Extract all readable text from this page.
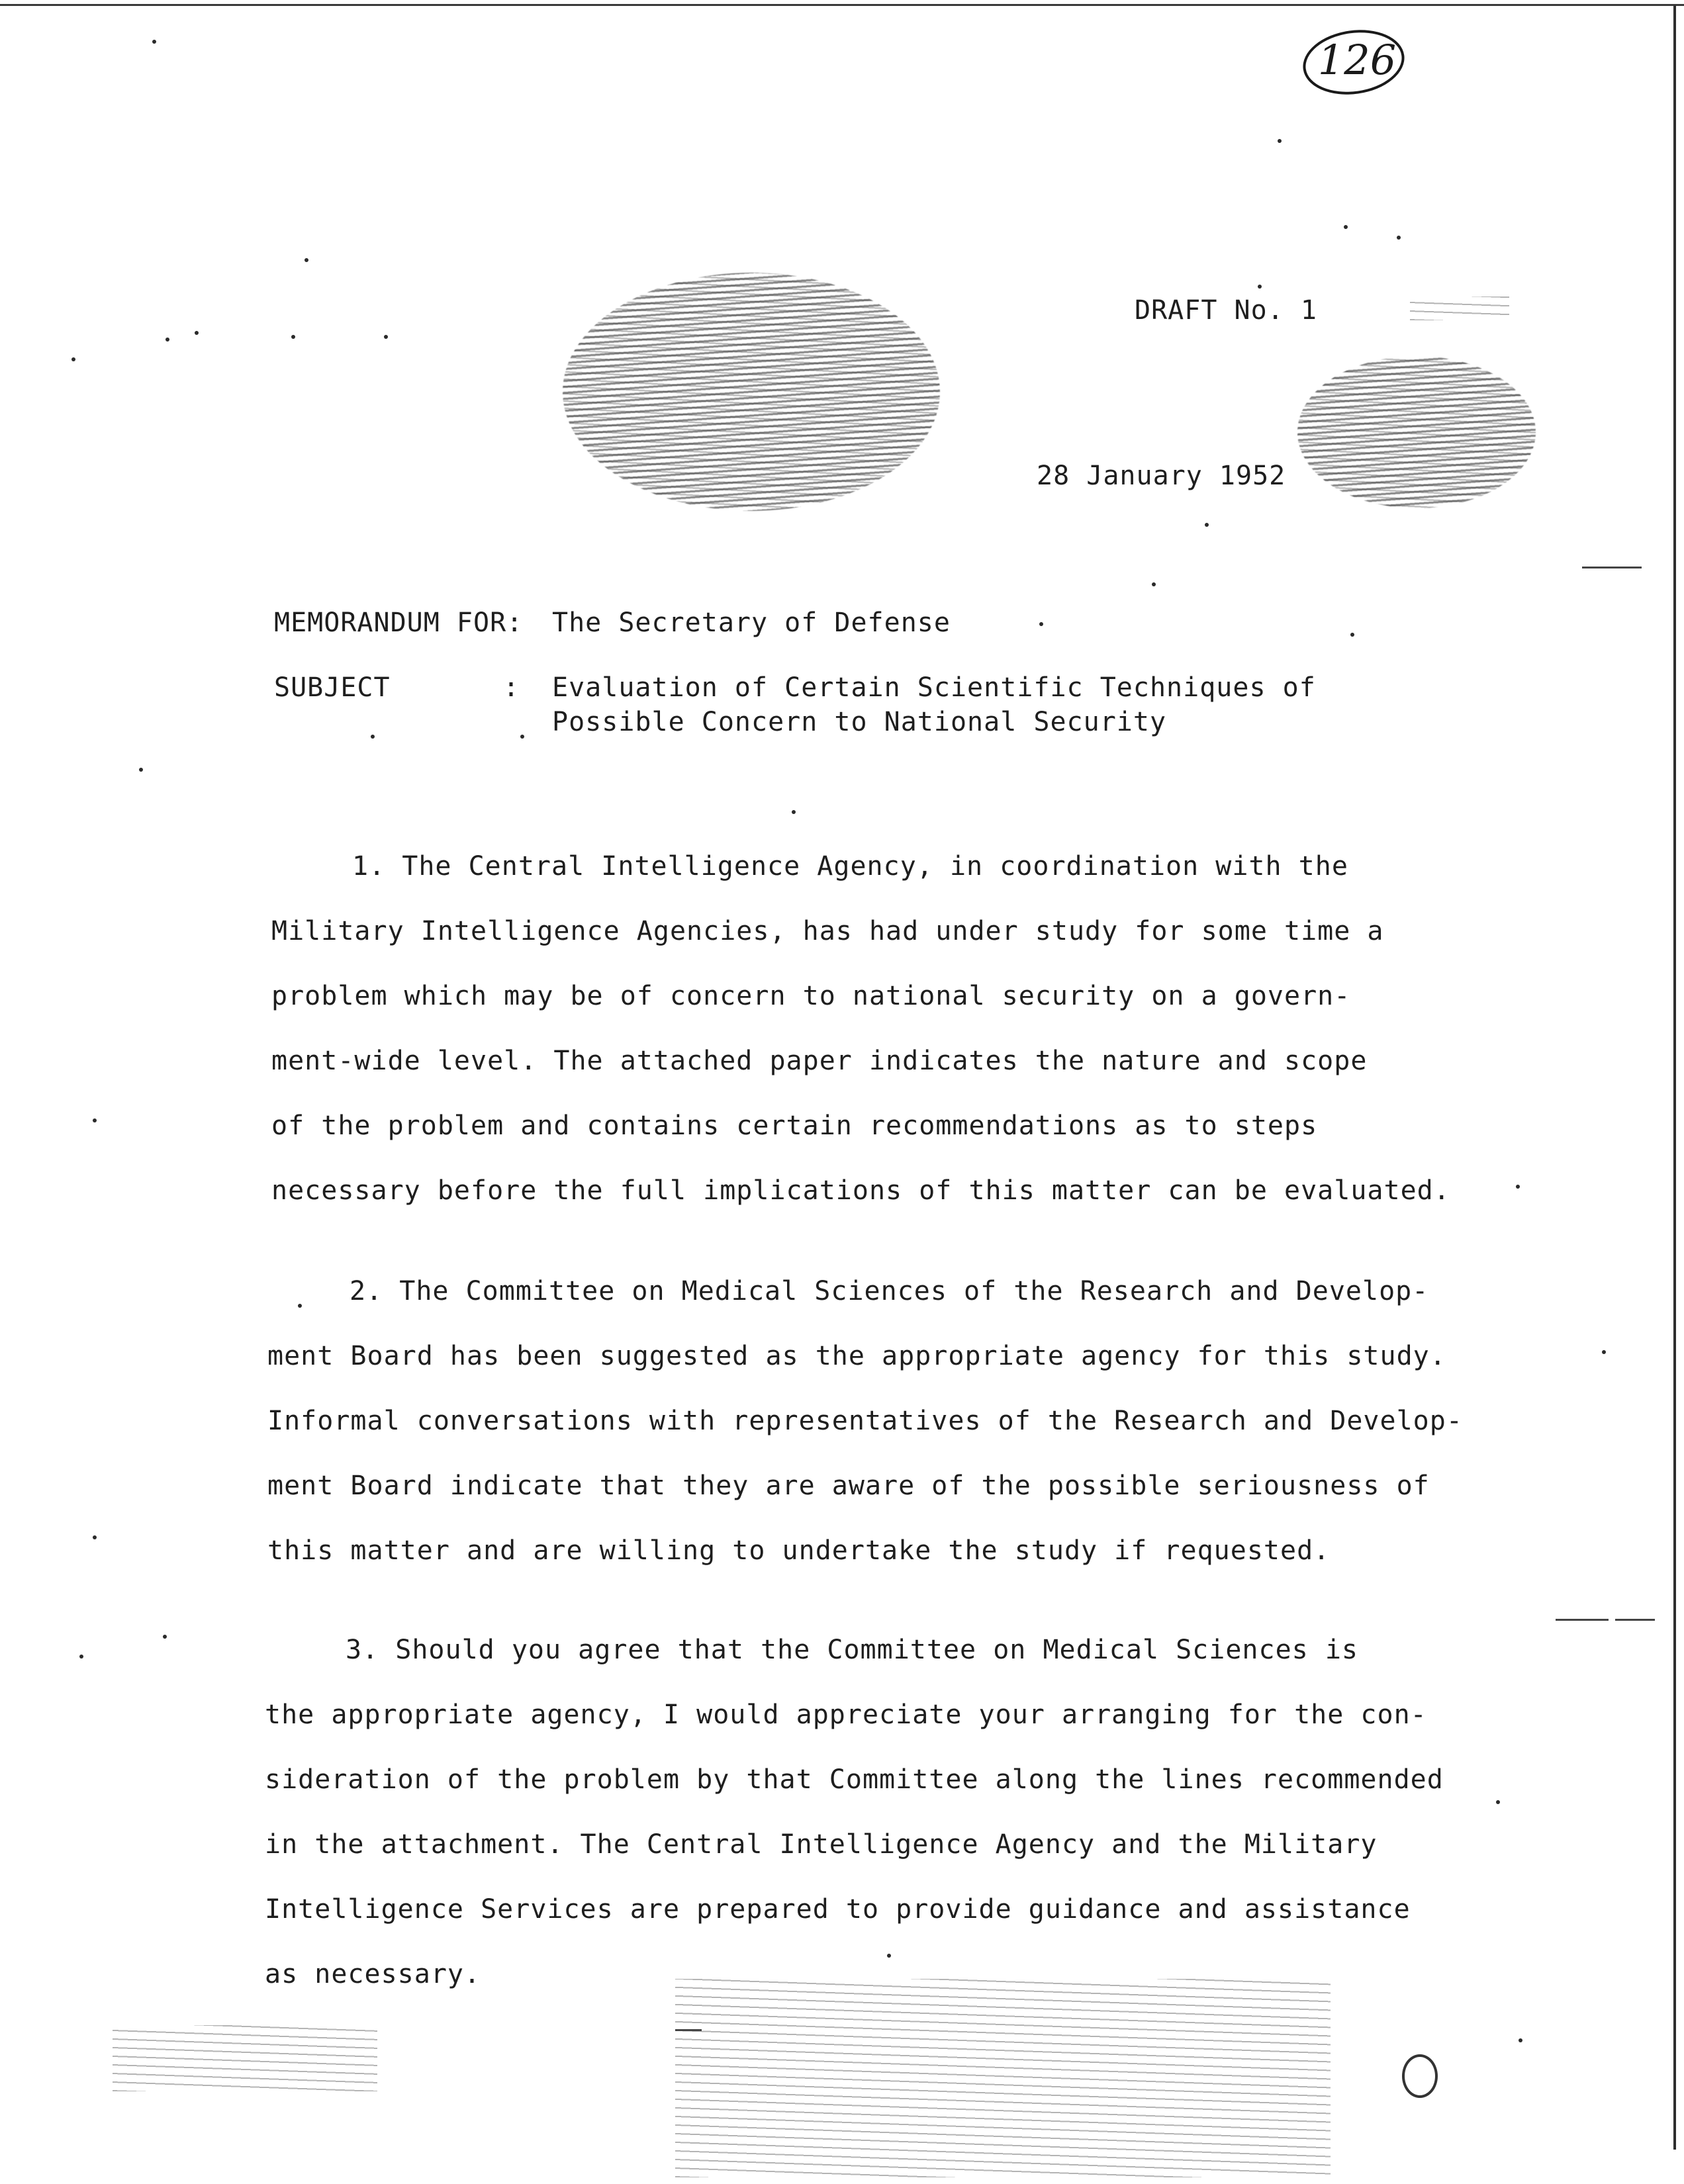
126
DRAFT No. 1
28 January 1952
MEMORANDUM FOR: The Secretary of Defense
SUBJECT	: Evaluation of Certain Scientific Techniques of
Possible Concern to National Security
1. The Central Intelligence Agency, in coordination with the
Military Intelligence Agencies, has had under study for some time a
problem which may be of concern to national security on a govern-
ment-wide level. The attached paper indicates the nature and scope
of the problem and contains certain recommendations as to steps
necessary before the full implications of this matter can be evaluated.
2. The Committee on Medical Sciences of the Research and Develop-
ment Board has been suggested as the appropriate agency for this study.
Informal conversations with representatives of the Research and Develop-
ment Board indicate that they are aware of the possible seriousness of
this matter and are willing to undertake the study if requested.
3. Should you agree that the Committee on Medical Sciences is
the appropriate agency, I would appreciate your arranging for the con-
sideration of the problem by that Committee along the lines recommended
in the attachment. The Central Intelligence Agency and the Military
Intelligence Services are prepared to provide guidance and assistance
as necessary.
